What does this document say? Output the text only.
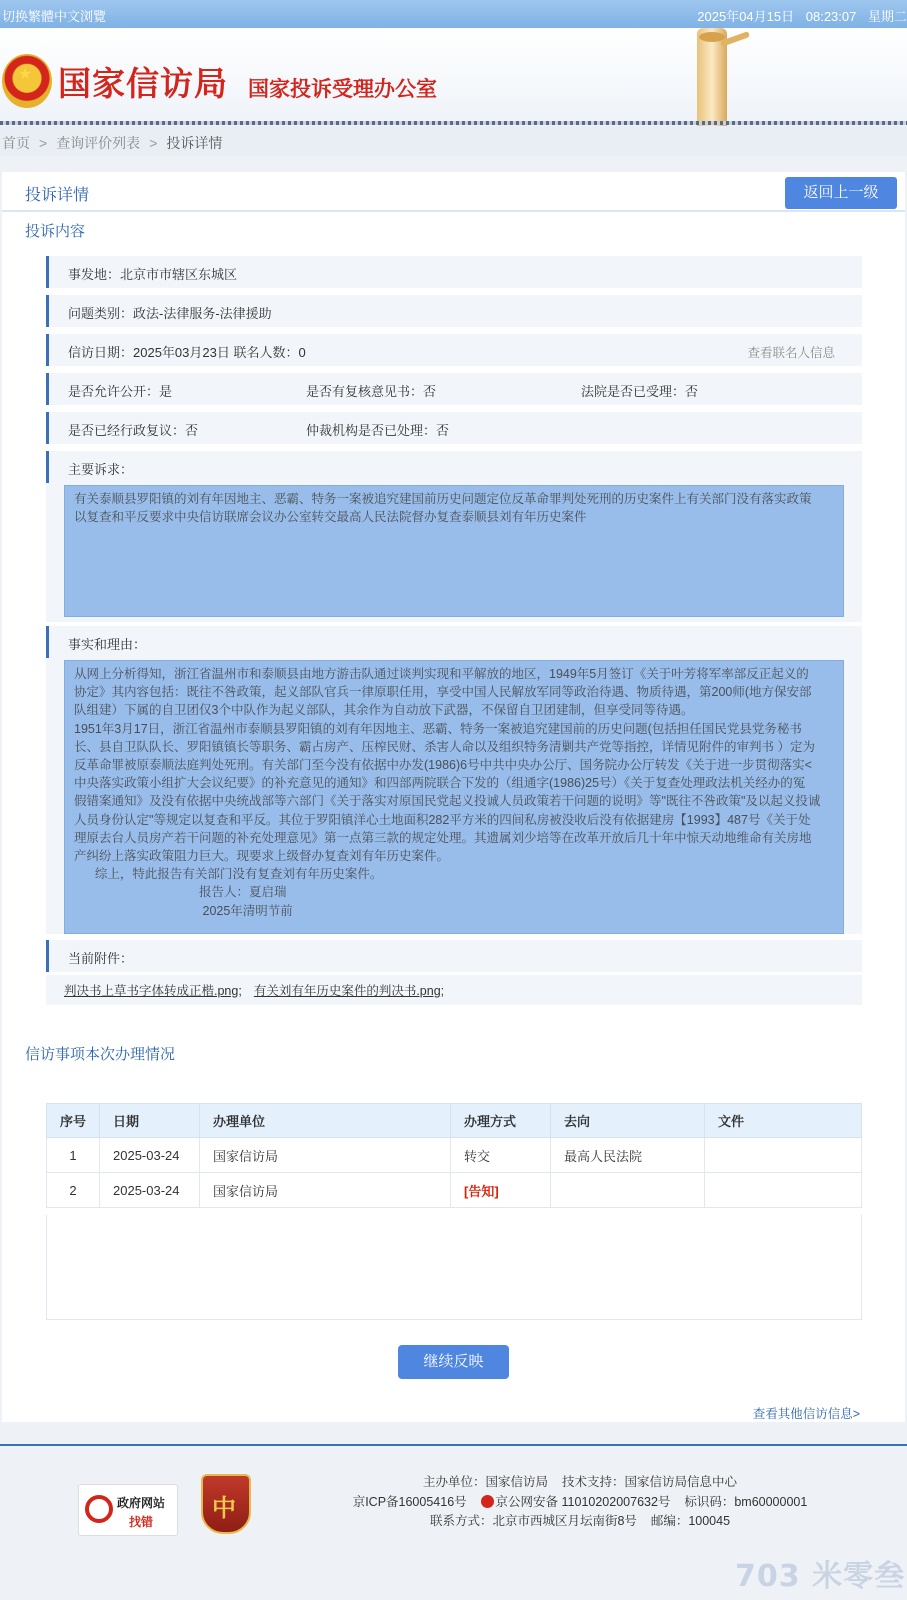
切换繁體中文浏覽	2025年04月15日 08:23:07 星期二
★
国家信访局 国家投诉受理办公室
首页 > 查询评价列表 > 投诉详情
投诉详情	返回上一级
投诉内容
事发地：北京市市辖区东城区
问题类别：政法-法律服务-法律援助
信访日期：2025年03月23日 联名人数：0	查看联名人信息
是否允许公开：是	是否有复核意见书：否	法院是否已受理：否
是否已经行政复议：否	仲裁机构是否已处理：否
主要诉求：
有关泰顺县罗阳镇的刘有年因地主、恶霸、特务一案被追究建国前历史问题定位反革命罪判处死刑的历史案件上有关部门没有落实政策
以复查和平反要求中央信访联席会议办公室转交最高人民法院督办复查泰顺县刘有年历史案件
事实和理由：
从网上分析得知，浙江省温州市和泰顺县由地方游击队通过谈判实现和平解放的地区，1949年5月签订《关于叶芳将军率部反正起义的
协定》其内容包括：既往不咎政策，起义部队官兵一律原职任用，享受中国人民解放军同等政治待遇、物质待遇，第200师(地方保安部
队组建）下属的自卫团仅3个中队作为起义部队，其余作为自动放下武器，不保留自卫团建制，但享受同等待遇。
1951年3月17日，浙江省温州市泰顺县罗阳镇的刘有年因地主、恶霸、特务一案被追究建国前的历史问题(包括担任国民党县党务秘书
长、县自卫队队长、罗阳镇镇长等职务、霸占房产、压榨民财、杀害人命以及组织特务清剿共产党等指控，详情见附件的审判书 ）定为
反革命罪被原泰顺法庭判处死刑。有关部门至今没有依据中办发(1986)6号中共中央办公厅、国务院办公厅转发《关于进一步贯彻落实<
中央落实政策小组扩大会议纪要》的补充意见的通知》和四部两院联合下发的（组通字(1986)25号）《关于复查处理政法机关经办的冤
假错案通知》及没有依据中央统战部等六部门《关于落实对原国民党起义投诚人员政策若干问题的说明》等"既往不咎政策"及以起义投诚
人员身份认定"等规定以复查和平反。其位于罗阳镇洋心土地面积282平方米的四间私房被没收后没有依据建房【1993】487号《关于处
理原去台人员房产若干问题的补充处理意见》第一点第三款的规定处理。其遗属刘少培等在改革开放后几十年中惊天动地维命有关房地
产纠纷上落实政策阻力巨大。现要求上级督办复查刘有年历史案件。
综上，特此报告有关部门没有复查刘有年历史案件。
报告人：夏启瑞
2025年清明节前
当前附件：
判决书上草书字体转成正楷.png; 有关刘有年历史案件的判决书.png;
信访事项本次办理情况
序号	日期	办理单位	办理方式	去向	文件
1	2025-03-24	国家信访局	转交	最高人民法院	
2	2025-03-24	国家信访局	[告知]		
继续反映
查看其他信访信息>
政府网站
找错 中
主办单位：国家信访局    技术支持：国家信访局信息中心
京ICP备16005416号 京公网安备 11010202007632号 标识码：bm60000001
联系方式：北京市西城区月坛南街8号    邮编：100045
703 米零叁
